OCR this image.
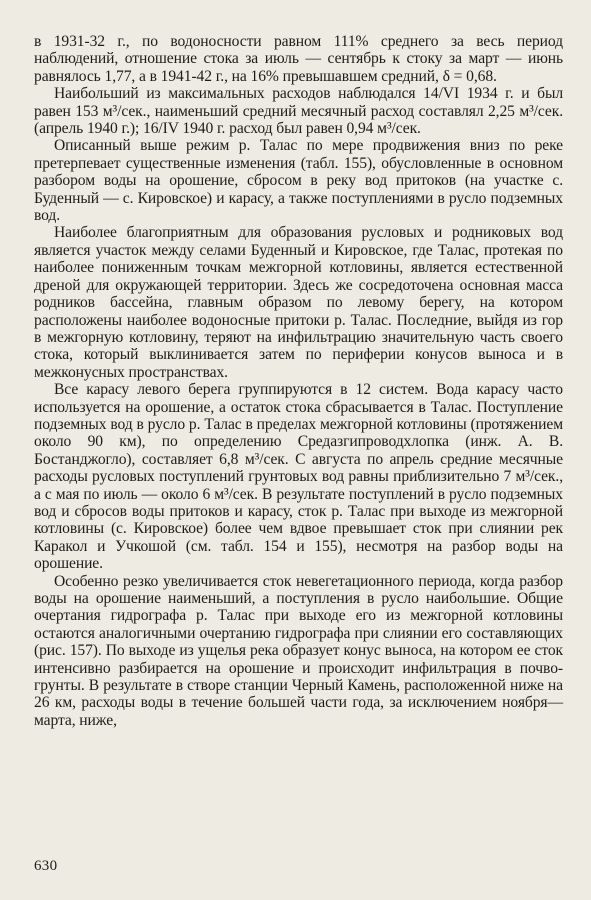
в 1931-32 г., по водоносности равном 111% среднего за весь период наблюдений, отношение стока за июль — сентябрь к стоку за март — июнь равнялось 1,77, а в 1941-42 г., на 16% превышавшем средний, δ = 0,68.

Наибольший из максимальных расходов наблюдался 14/VI 1934 г. и был равен 153 м³/сек., наименьший средний месячный расход составлял 2,25 м³/сек. (апрель 1940 г.); 16/IV 1940 г. расход был равен 0,94 м³/сек.

Описанный выше режим р. Талас по мере продвижения вниз по реке претерпевает существенные изменения (табл. 155), обусловленные в основном разбором воды на орошение, сбросом в реку вод притоков (на участке с. Буденный — с. Кировское) и карасу, а также поступлениями в русло подземных вод.

Наиболее благоприятным для образования русловых и родниковых вод является участок между селами Буденный и Кировское, где Талас, протекая по наиболее пониженным точкам межгорной котловины, является естественной дреной для окружающей территории. Здесь же сосредоточена основная масса родников бассейна, главным образом по левому берегу, на котором расположены наиболее водоносные притоки р. Талас. Последние, выйдя из гор в межгорную котловину, теряют на инфильтрацию значительную часть своего стока, который выклинивается затем по периферии конусов выноса и в межконусных пространствах.

Все карасу левого берега группируются в 12 систем. Вода карасу часто используется на орошение, а остаток стока сбрасывается в Талас. Поступление подземных вод в русло р. Талас в пределах межгорной котловины (протяжением около 90 км), по определению Средазгипроводхлопка (инж. А. В. Бостанджогло), составляет 6,8 м³/сек. С августа по апрель средние месячные расходы русловых поступлений грунтовых вод равны приблизительно 7 м³/сек., а с мая по июль — около 6 м³/сек. В результате поступлений в русло подземных вод и сбросов воды притоков и карасу, сток р. Талас при выходе из межгорной котловины (с. Кировское) более чем вдвое превышает сток при слиянии рек Каракол и Учкошой (см. табл. 154 и 155), несмотря на разбор воды на орошение.

Особенно резко увеличивается сток невегетационного периода, когда разбор воды на орошение наименьший, а поступления в русло наибольшие. Общие очертания гидрографа р. Талас при выходе его из межгорной котловины остаются аналогичными очертанию гидрографа при слиянии его составляющих (рис. 157). По выходе из ущелья река образует конус выноса, на котором ее сток интенсивно разбирается на орошение и происходит инфильтрация в почво-грунты. В результате в створе станции Черный Камень, расположенной ниже на 26 км, расходы воды в течение большей части года, за исключением ноября—марта, ниже,

630
